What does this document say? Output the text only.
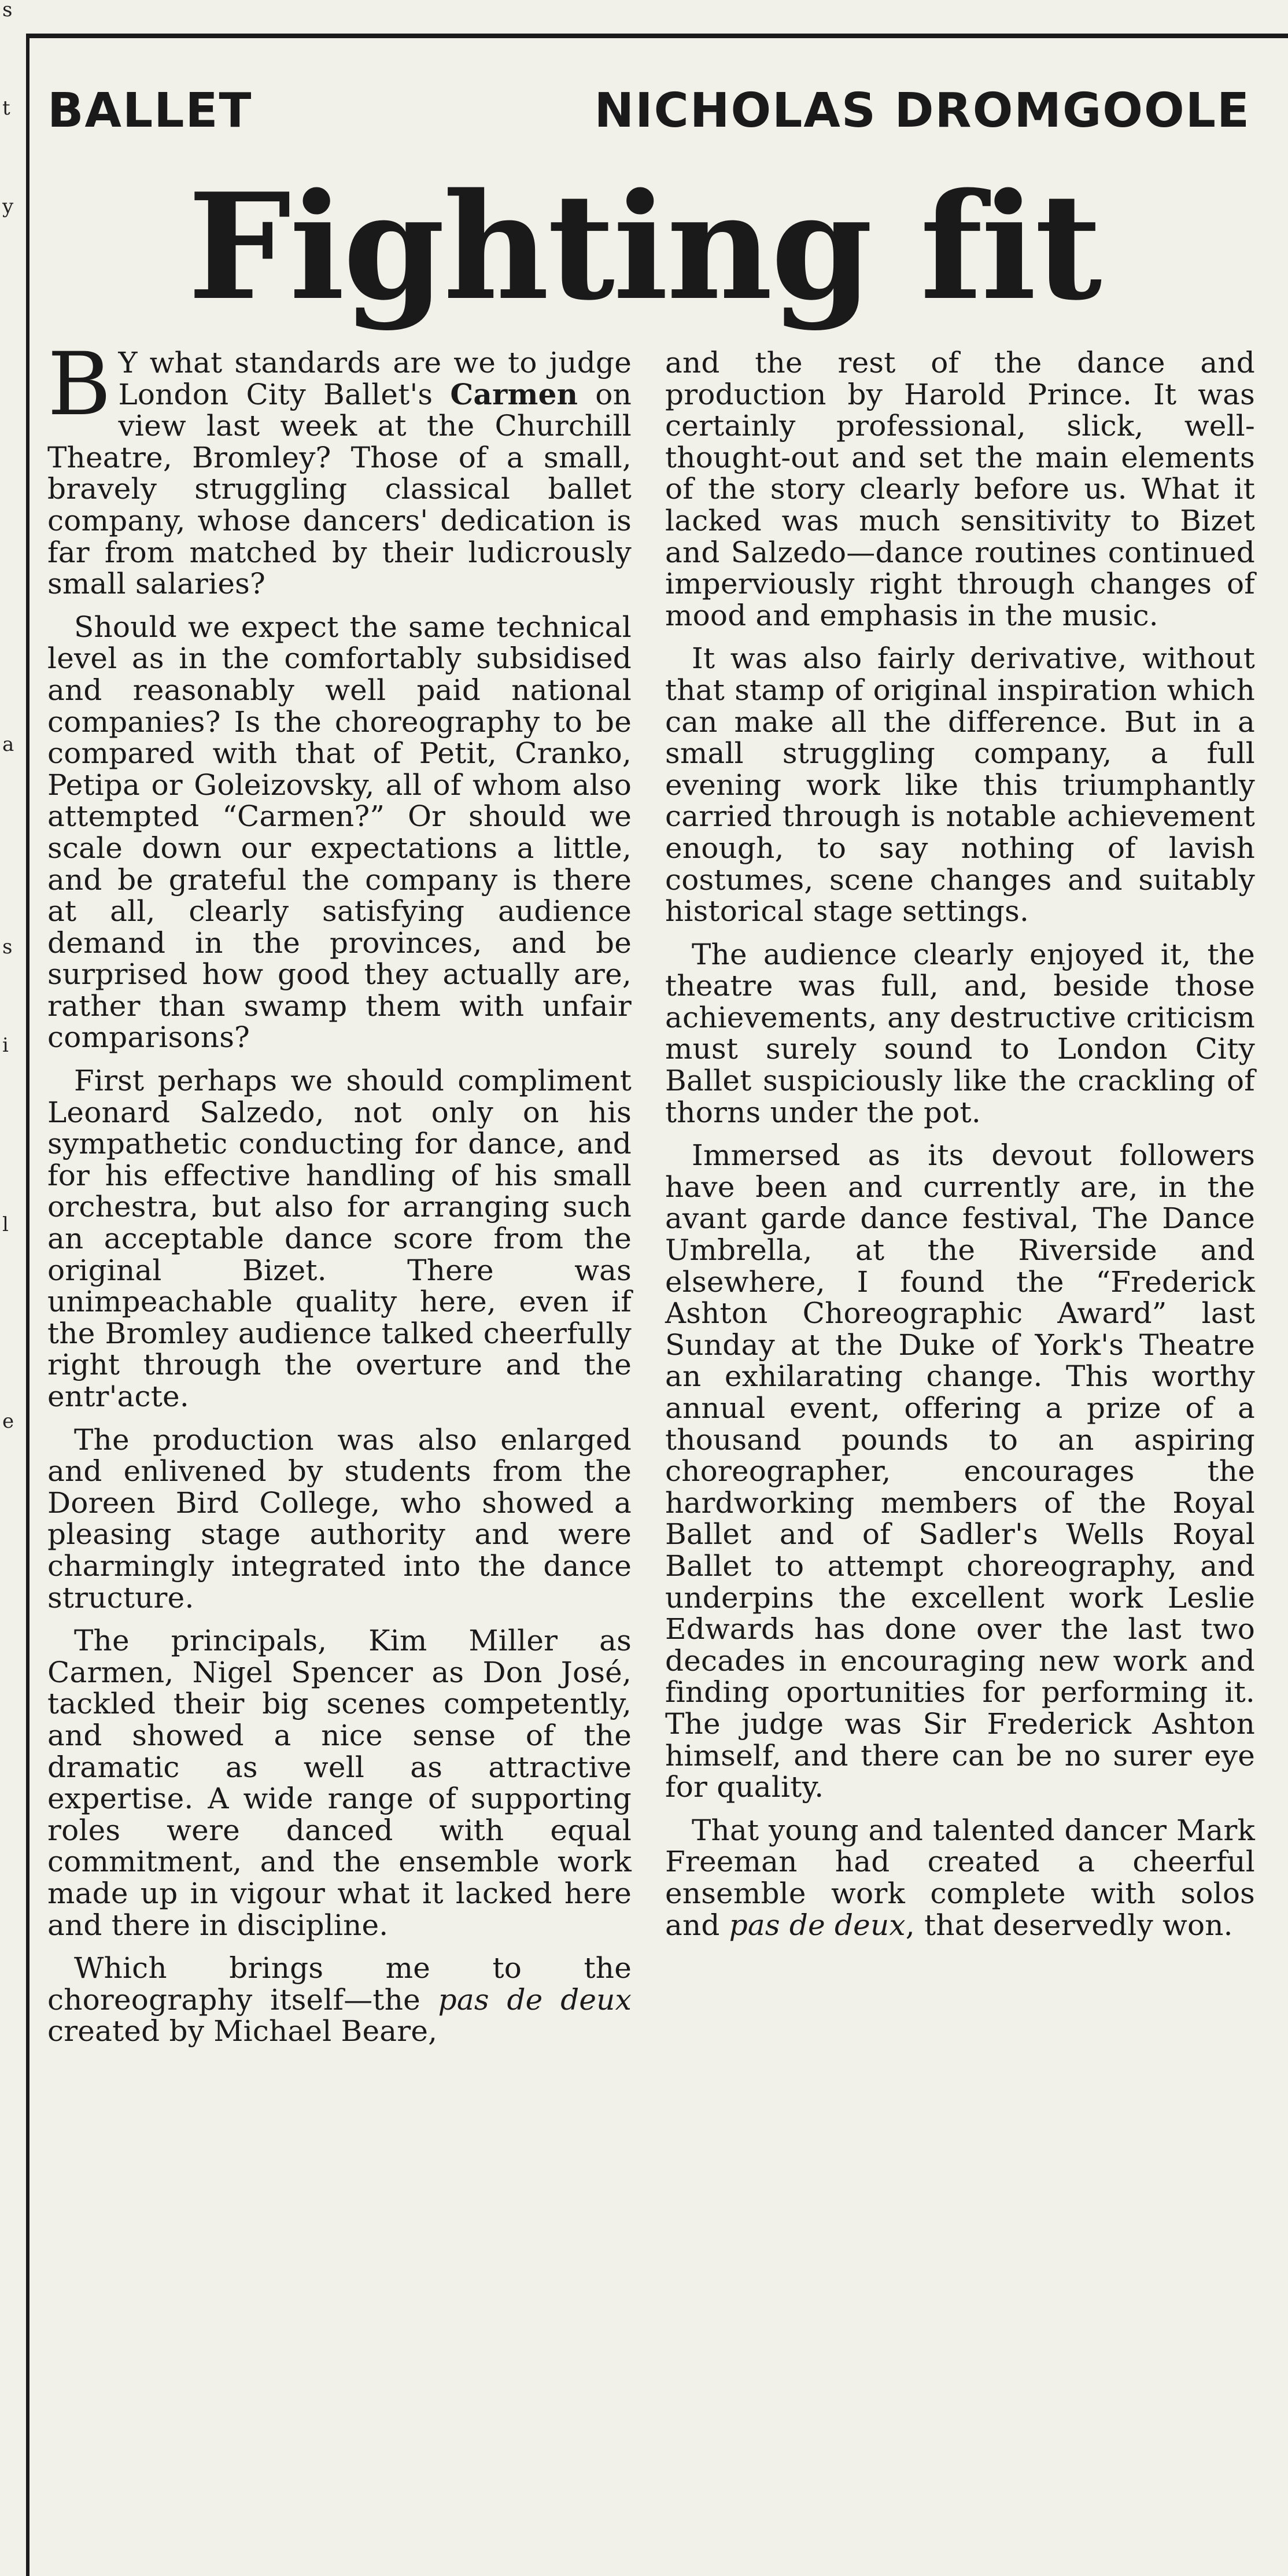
s
t
y
a
s
i
l
e
BALLET	NICHOLAS DROMGOOLE
Fighting fit

B Y what standards are we to judge London City Ballet's Carmen on view last week at the Churchill Theatre, Bromley? Those of a small, bravely struggling classical ballet company, whose dancers' dedication is far from matched by their ludicrously small salaries?

Should we expect the same technical level as in the comfortably subsidised and reasonably well paid national companies? Is the choreography to be compared with that of Petit, Cranko, Petipa or Goleizovsky, all of whom also attempted “Carmen?” Or should we scale down our expectations a little, and be grateful the company is there at all, clearly satisfying audience demand in the provinces, and be surprised how good they actually are, rather than swamp them with unfair comparisons?

First perhaps we should compliment Leonard Salzedo, not only on his sympathetic conducting for dance, and for his effective handling of his small orchestra, but also for arranging such an acceptable dance score from the original Bizet. There was unimpeachable quality here, even if the Bromley audience talked cheerfully right through the overture and the entr'acte.

The production was also enlarged and enlivened by students from the Doreen Bird College, who showed a pleasing stage authority and were charmingly integrated into the dance structure.

The principals, Kim Miller as Carmen, Nigel Spencer as Don José, tackled their big scenes competently, and showed a nice sense of the dramatic as well as attractive expertise. A wide range of supporting roles were danced with equal commitment, and the ensemble work made up in vigour what it lacked here and there in discipline.

Which brings me to the choreography itself—the pas de deux created by Michael Beare,

and the rest of the dance and production by Harold Prince. It was certainly professional, slick, well-thought-out and set the main elements of the story clearly before us. What it lacked was much sensitivity to Bizet and Salzedo—dance routines continued imperviously right through changes of mood and emphasis in the music.

It was also fairly derivative, without that stamp of original inspiration which can make all the difference. But in a small struggling company, a full evening work like this triumphantly carried through is notable achievement enough, to say nothing of lavish costumes, scene changes and suitably historical stage settings.

The audience clearly enjoyed it, the theatre was full, and, beside those achievements, any destructive criticism must surely sound to London City Ballet suspiciously like the crackling of thorns under the pot.

Immersed as its devout followers have been and currently are, in the avant garde dance festival, The Dance Umbrella, at the Riverside and elsewhere, I found the “Frederick Ashton Choreographic Award” last Sunday at the Duke of York's Theatre an exhilarating change. This worthy annual event, offering a prize of a thousand pounds to an aspiring choreographer, encourages the hardworking members of the Royal Ballet and of Sadler's Wells Royal Ballet to attempt choreography, and underpins the excellent work Leslie Edwards has done over the last two decades in encouraging new work and finding oportunities for performing it. The judge was Sir Frederick Ashton himself, and there can be no surer eye for quality.

That young and talented dancer Mark Freeman had created a cheerful ensemble work complete with solos and pas de deux, that deservedly won.
